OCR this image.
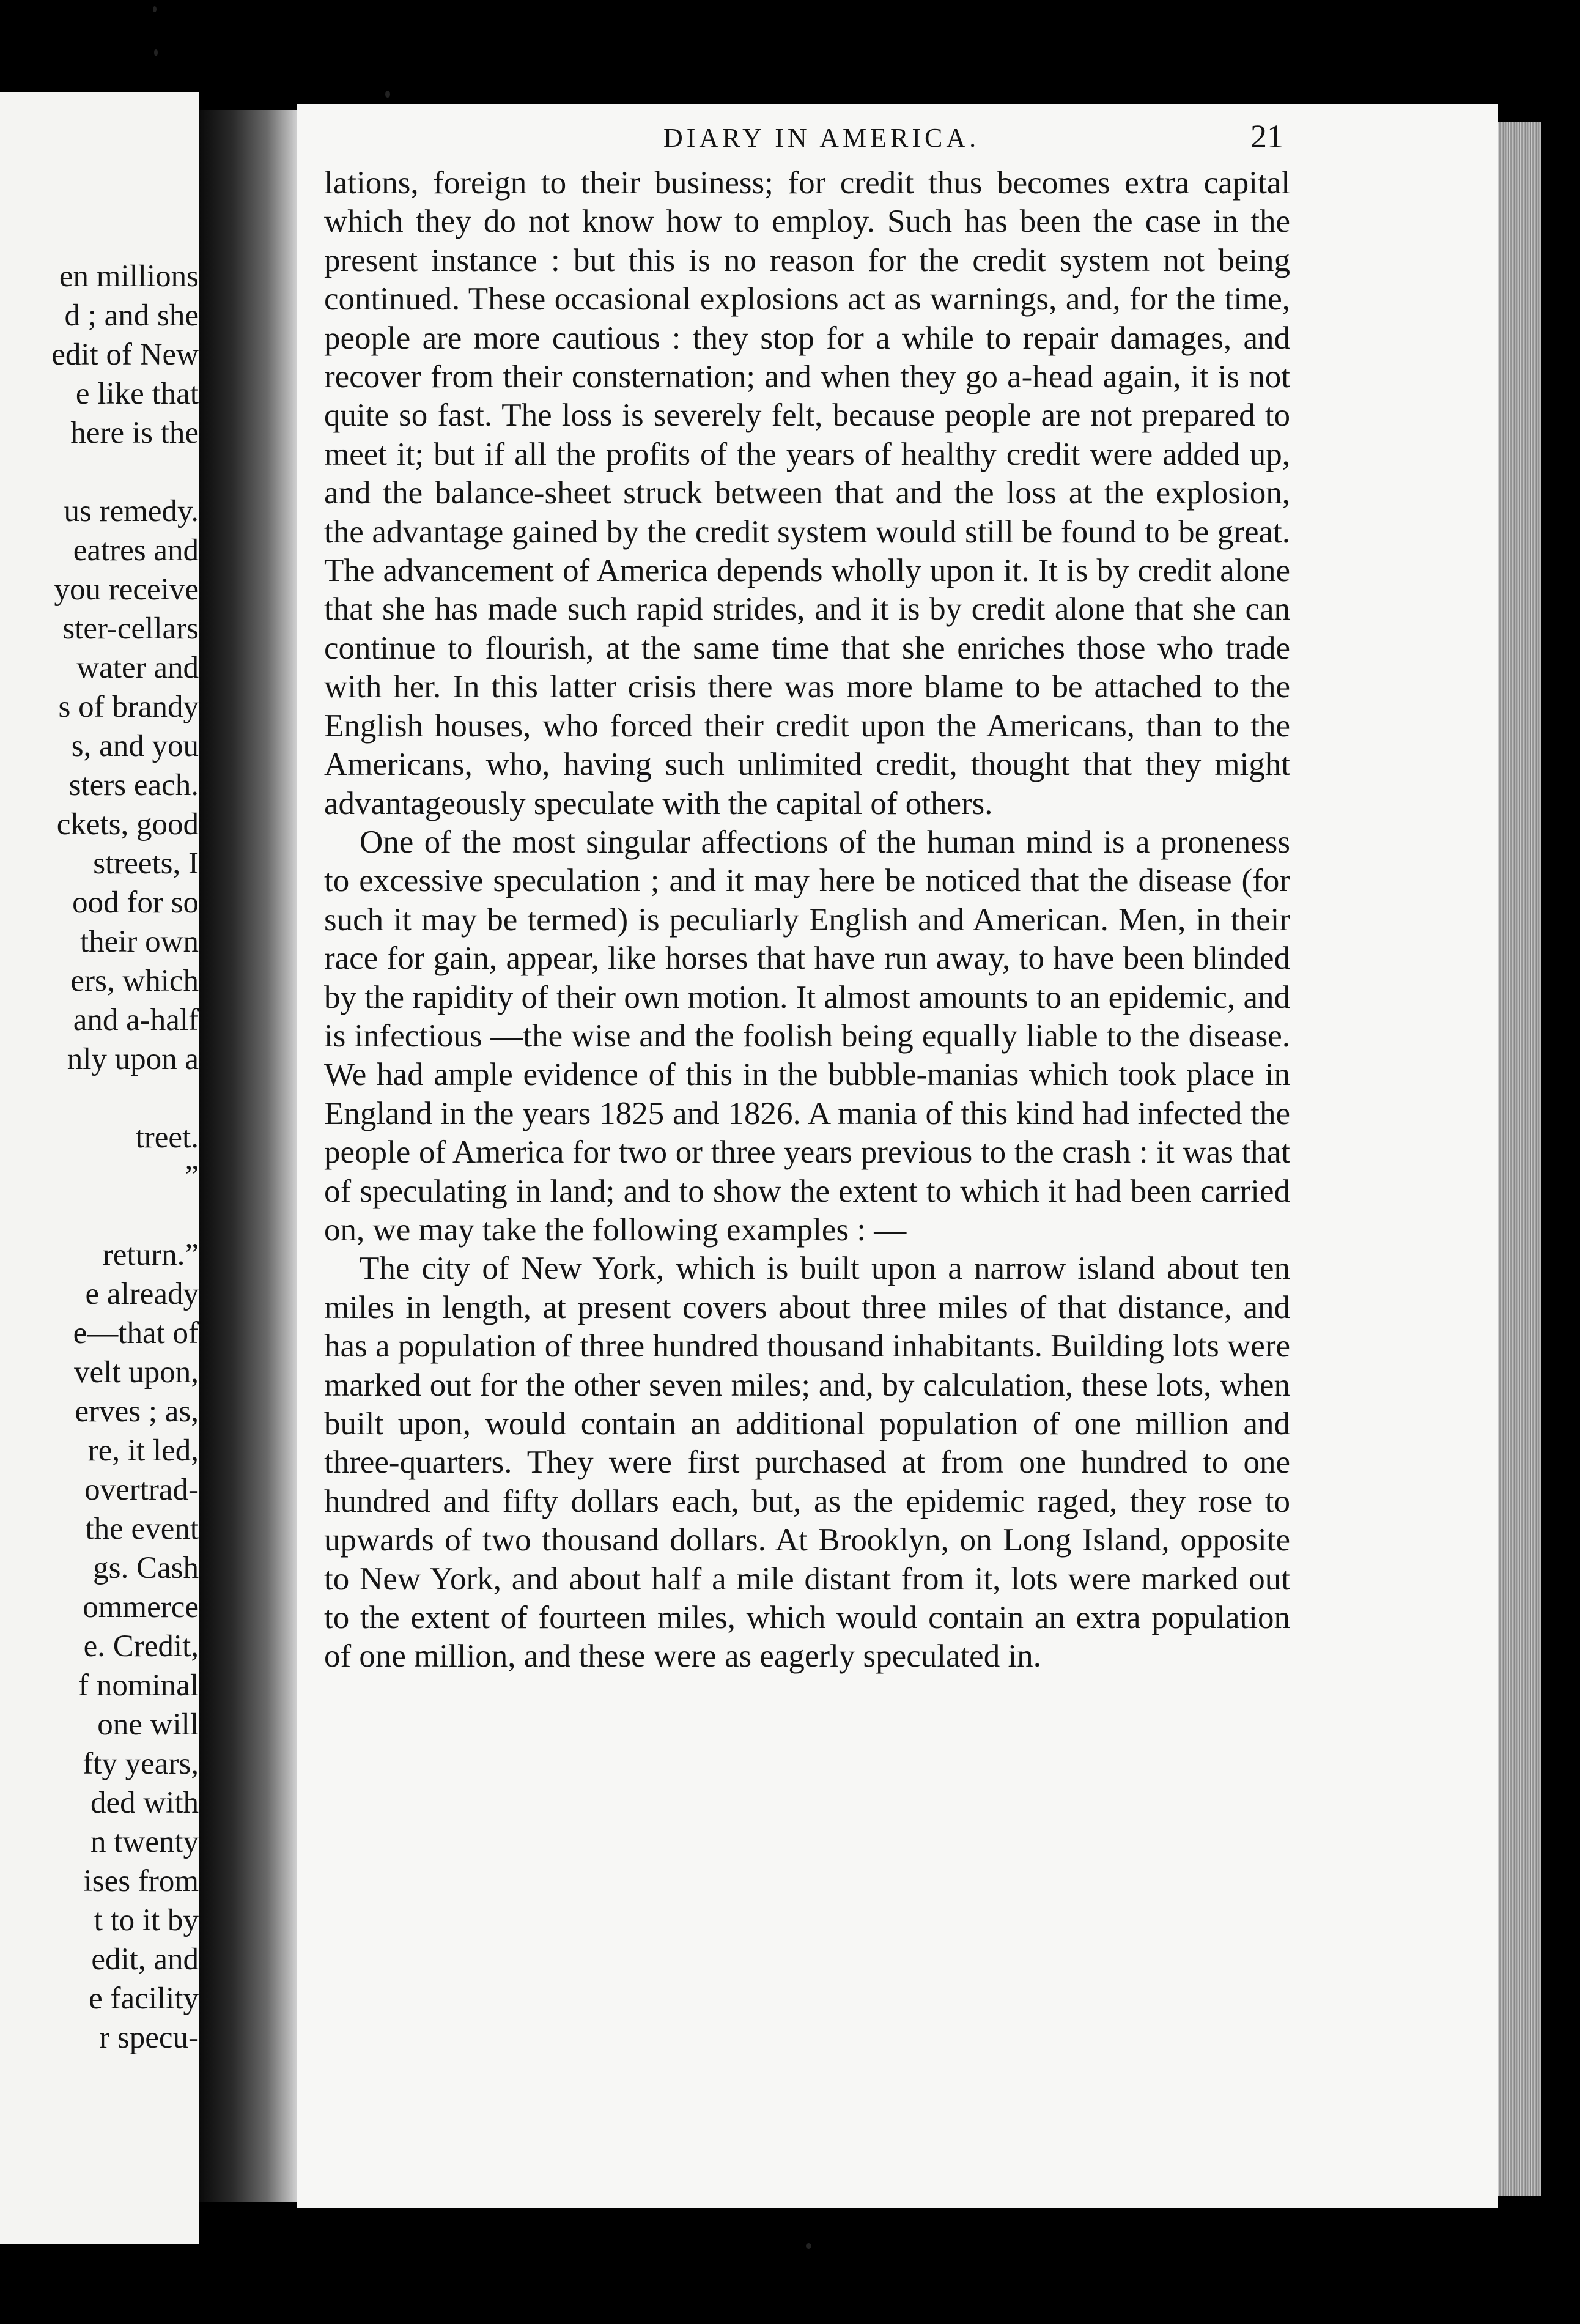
en millions
d ; and she
edit of New
e like that
here is the
us remedy.
eatres and
you receive
ster-cellars
water and
s of brandy
s, and you
sters each.
ckets, good
streets, I
ood for so
their own
ers, which
and a-half
nly upon a
treet.
”
return.”
e already
e—that of
velt upon,
erves ; as,
re, it led,
overtrad-
the event
gs. Cash
ommerce
e. Credit,
f nominal
one will
fty years,
ded with
n twenty
ises from
t to it by
edit, and
e facility
r specu-
DIARY IN AMERICA.	21

lations, foreign to their business; for credit thus becomes extra capital which they do not know how to employ. Such has been the case in the present instance : but this is no reason for the credit system not being continued. These occasional explosions act as warnings, and, for the time, people are more cautious : they stop for a while to repair damages, and recover from their consternation; and when they go a-head again, it is not quite so fast. The loss is severely felt, because people are not prepared to meet it; but if all the profits of the years of healthy credit were added up, and the balance-sheet struck between that and the loss at the explosion, the advantage gained by the credit system would still be found to be great. The advancement of America depends wholly upon it. It is by credit alone that she has made such rapid strides, and it is by credit alone that she can continue to flourish, at the same time that she enriches those who trade with her. In this latter crisis there was more blame to be attached to the English houses, who forced their credit upon the Americans, than to the Americans, who, having such unlimited credit, thought that they might advantageously speculate with the capital of others.

One of the most singular affections of the human mind is a proneness to excessive speculation ; and it may here be noticed that the disease (for such it may be termed) is peculiarly English and American. Men, in their race for gain, appear, like horses that have run away, to have been blinded by the rapidity of their own motion. It almost amounts to an epidemic, and is infectious —the wise and the foolish being equally liable to the disease. We had ample evidence of this in the bubble-manias which took place in England in the years 1825 and 1826. A mania of this kind had infected the people of America for two or three years previous to the crash : it was that of speculating in land; and to show the extent to which it had been carried on, we may take the following examples : —

The city of New York, which is built upon a narrow island about ten miles in length, at present covers about three miles of that distance, and has a population of three hundred thousand inhabitants. Building lots were marked out for the other seven miles; and, by calculation, these lots, when built upon, would contain an additional population of one million and three-quarters. They were first purchased at from one hundred to one hundred and fifty dollars each, but, as the epidemic raged, they rose to upwards of two thousand dollars. At Brooklyn, on Long Island, opposite to New York, and about half a mile distant from it, lots were marked out to the extent of fourteen miles, which would contain an extra population of one million, and these were as eagerly speculated in.
